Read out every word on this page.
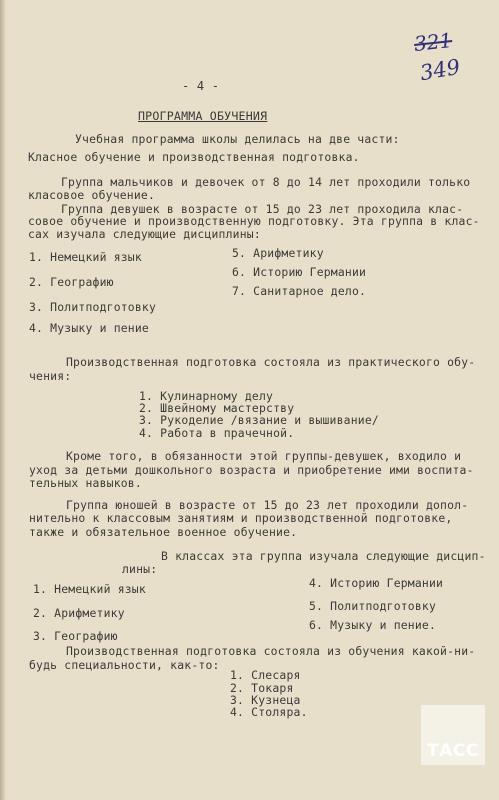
321
349
- 4 -
ПРОГРАММА ОБУЧЕНИЯ
Учебная программа школы делилась на две части:
Класное обучение и производственная подготовка.
Группа мальчиков и девочек от 8 до 14 лет проходили только
класовое обучение.
Группа девушек в возрасте от 15 до 23 лет проходила клас-
совое обучение и производственную подготовку. Эта группа в клас-
сах изучала следующие дисциплины:
1. Немецкий язык
2. Географию
3. Политподготовку
4. Музыку и пение
5. Арифметику
6. Историю Германии
7. Санитарное дело.
Производственная подготовка состояла из практического обу-
чения:
1. Кулинарному делу
2. Швейному мастерству
3. Рукоделие /вязание и вышивание/
4. Работа в прачечной.
Кроме того, в обязанности этой группы-девушек, входило и
уход за детьми дошкольного возраста и приобретение ими воспита-
тельных навыков.
Группа юношей в возрасте от 15 до 23 лет проходили допол-
нительно к классовым занятиям и производственной подготовке,
также и обязательное военное обучение.
В классах эта группа изучала следующие дисцип-
лины:
1. Немецкий язык
2. Арифметику
3. Географию
4. Историю Германии
5. Политподготовку
6. Музыку и пение.
Производственная подготовка состояла из обучения какой-ни-
будь специальности, как-то:
1. Слесаря
2. Токаря
3. Кузнеца
4. Столяра.
ТАСС
